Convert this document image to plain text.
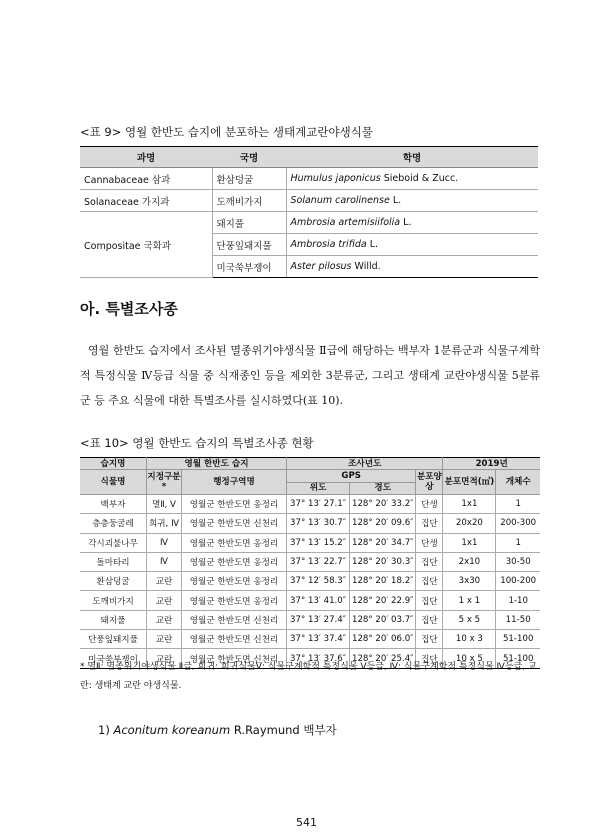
<표 9> 영월 한반도 습지에 분포하는 생태계교란야생식물
과명	국명	학명
Cannabaceae 삼과	환삼덩굴	Humulus japonicus Sieboid & Zucc.
Solanaceae 가지과	도깨비가지	Solanum carolinense L.
Compositae 국화과	돼지풀	Ambrosia artemisiifolia L.
	단풍잎돼지풀	Ambrosia trifida L.
	미국쑥부쟁이	Aster pilosus Willd.
아. 특별조사종
영월 한반도 습지에서 조사된 멸종위기야생식물 Ⅱ급에 해당하는 백부자 1분류군과 식물구계학적 특정식물 Ⅳ등급 식물 중 식재종인 등을 제외한 3분류군, 그리고 생태계 교란야생식물 5분류군 등 주요 식물에 대한 특별조사를 실시하였다(표 10).
<표 10> 영월 한반도 습지의 특별조사종 현황
습지명	영월 한반도 습지		조사년도			2019년	
식물명	지정구분*	행정구역명	GPS		분포양상	분포면적(㎡)	개체수
			위도	경도			
백부자	멸Ⅱ, Ⅴ	영월군 한반도면 옹정리	37° 13′ 27.1″	128° 20′ 33.2″	단생	1x1	1
층층둥굴레	희귀, Ⅳ	영월군 한반도면 신천리	37° 13′ 30.7″	128° 20′ 09.6″	집단	20x20	200-300
각시괴불나무	Ⅳ	영월군 한반도면 옹정리	37° 13′ 15.2″	128° 20′ 34.7″	단생	1x1	1
돌마타리	Ⅳ	영월군 한반도면 옹정리	37° 13′ 22.7″	128° 20′ 30.3″	집단	2x10	30-50
환삼덩굴	교란	영월군 한반도면 옹정리	37° 12′ 58.3″	128° 20′ 18.2″	집단	3x30	100-200
도깨비가지	교란	영월군 한반도면 옹정리	37° 13′ 41.0″	128° 20′ 22.9″	집단	1 x 1	1-10
돼지풀	교란	영월군 한반도면 신천리	37° 13′ 27.4″	128° 20′ 03.7″	집단	5 x 5	11-50
단풍잎돼지풀	교란	영월군 한반도면 신천리	37° 13′ 37.4″	128° 20′ 06.0″	집단	10 x 3	51-100
미국쑥부쟁이	교란	영월군 한반도면 신천리	37° 13′ 37.6″	128° 20′ 25.4″	집단	10 x 5	51-100
* 멸Ⅱ: 멸종위기야생식물 Ⅱ급, 희귀: 희귀식물Ⅴ: 식물구계학적 특정식물 Ⅴ등급, Ⅳ: 식물구계학적 특정식물 Ⅳ등급, 교란: 생태계 교란 야생식물.
1) Aconitum koreanum R.Raymund 백부자
541
